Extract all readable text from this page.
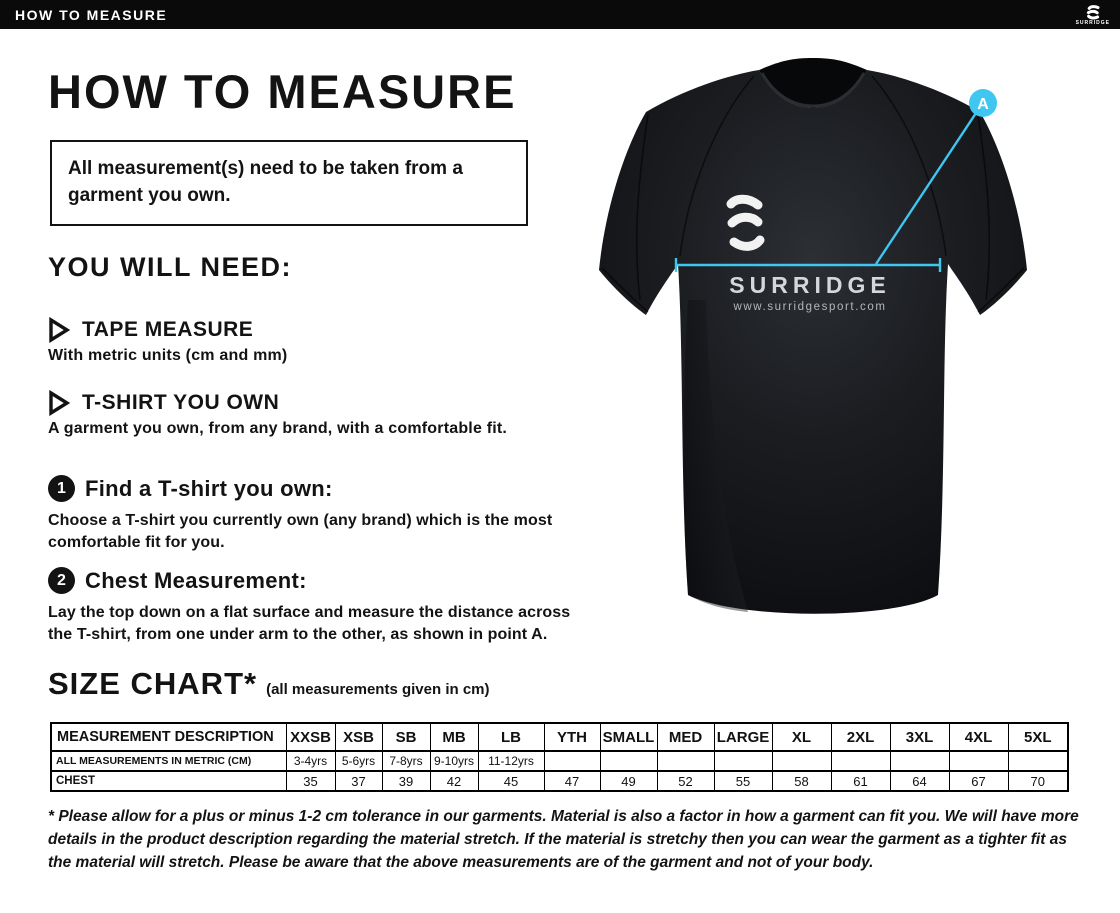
HOW TO MEASURE
SURRIDGE
HOW TO MEASURE
All measurement(s) need to be taken from a garment you own.
YOU WILL NEED:
TAPE MEASURE
With metric units (cm and mm)
T-SHIRT YOU OWN
A garment you own, from any brand, with a comfortable fit.
1 Find a T-shirt you own:
Choose a T-shirt you currently own (any brand) which is the most comfortable fit for you.
2 Chest Measurement:
Lay the top down on a flat surface and measure the distance across the T-shirt, from one under arm to the other, as shown in point A.
SIZE CHART* (all measurements given in cm)
MEASUREMENT DESCRIPTION	XXSB	XSB	SB	MB	LB	YTH	SMALL	MED	LARGE	XL	2XL	3XL	4XL	5XL
ALL MEASUREMENTS IN METRIC (CM)	3-4yrs	5-6yrs	7-8yrs	9-10yrs	11-12yrs									
CHEST	35	37	39	42	45	47	49	52	55	58	61	64	67	70

* Please allow for a plus or minus 1-2 cm tolerance in our garments. Material is also a factor in how a garment can fit you. We will have more details in the product description regarding the material stretch. If the material is stretchy then you can wear the garment as a tighter fit as the material will stretch. Please be aware that the above measurements are of the garment and not of your body.

SURRIDGE
www.surridgesport.com
A
